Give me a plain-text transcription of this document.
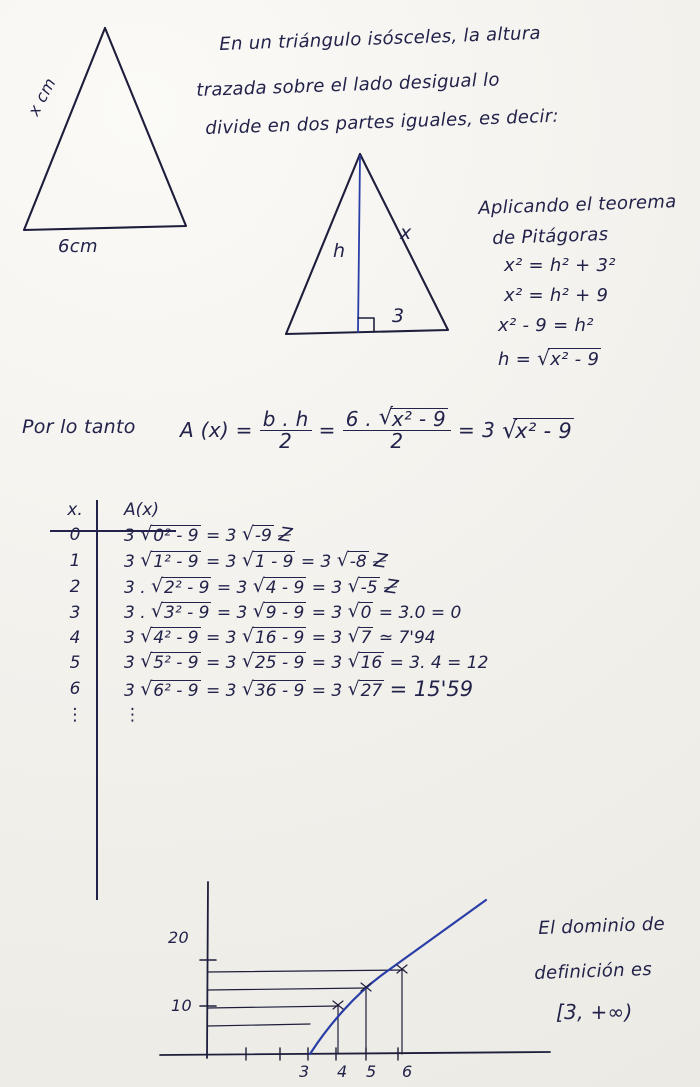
x cm
6cm
En un triángulo isósceles, la altura
trazada sobre el lado desigual lo
divide en dos partes iguales, es decir:
h
x
3
Aplicando el teorema
de Pitágoras
x² = h² + 3²
x² = h² + 9
x² - 9 = h²
h = √ x² - 9
Por lo tanto A $(x) = \frac{b . h}{2} = \frac{\text{6 . √ x² - 9}}{2} = 3$ √ x² - 9
x.	A(x)
0	3 √ 0² - 9 = 3 √ -9 Z
1	3 √ 1² - 9 = 3 √ 1 - 9 = 3 √ -8 Z
2	3 . √ 2² - 9 = 3 √ 4 - 9 = 3 √ -5 Z
3	3 . √ 3² - 9 = 3 √ 9 - 9 = 3 √ 0 = 3.0 = 0
4	3 √ 4² - 9 = 3 √ 16 - 9 = 3 √ 7 ≃ 7'94
5	3 √ 5² - 9 = 3 √ 25 - 9 = 3 √ 16 = 3. 4 = 12
6	3 √ 6² - 9 = 3 √ 36 - 9 = 3 √ 27 = 15'59
⋮	⋮
20
10
3 4 5 6
El dominio de
definición es
[3, +∞)
